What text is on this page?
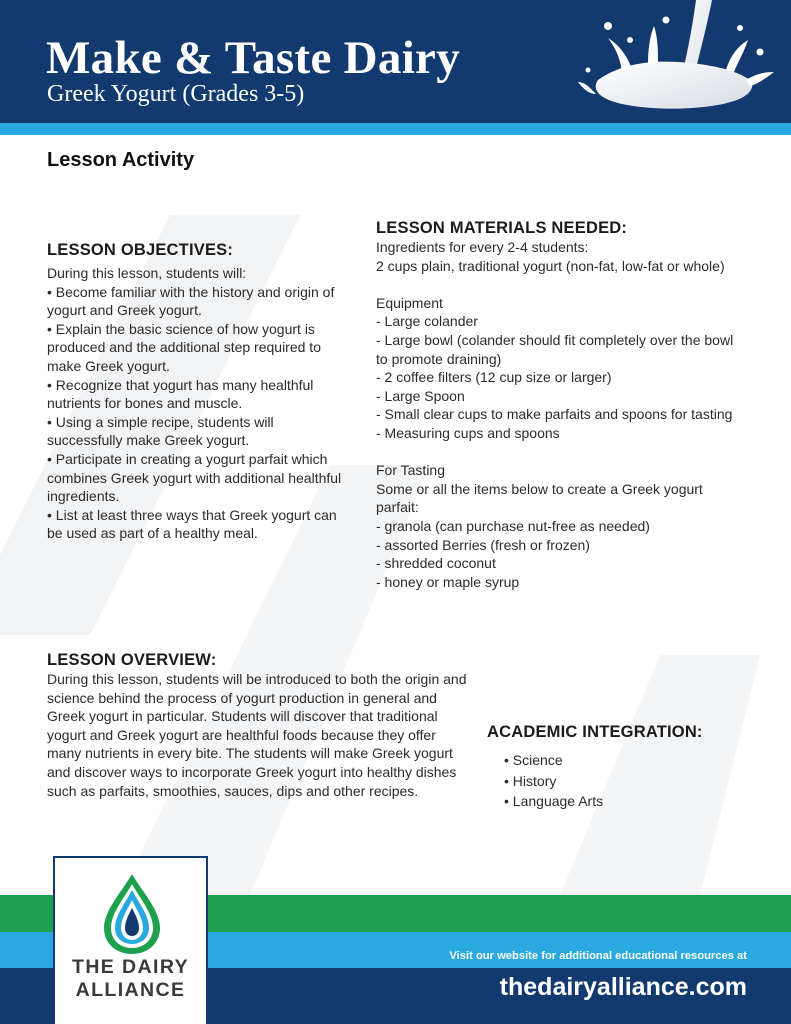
Make & Taste Dairy

Greek Yogurt (Grades 3-5)

Lesson Activity
LESSON OBJECTIVES:

During this lesson, students will:

• Become familiar with the history and origin of yogurt and Greek yogurt.

• Explain the basic science of how yogurt is produced and the additional step required to make Greek yogurt.

• Recognize that yogurt has many healthful nutrients for bones and muscle.

• Using a simple recipe, students will successfully make Greek yogurt.

• Participate in creating a yogurt parfait which combines Greek yogurt with additional healthful ingredients.

• List at least three ways that Greek yogurt can be used as part of a healthy meal.

LESSON MATERIALS NEEDED:

Ingredients for every 2-4 students:

2 cups plain, traditional yogurt (non-fat, low-fat or whole)

Equipment

- Large colander

- Large bowl (colander should fit completely over the bowl to promote draining)

- 2 coffee filters (12 cup size or larger)

- Large Spoon

- Small clear cups to make parfaits and spoons for tasting

- Measuring cups and spoons

For Tasting

Some or all the items below to create a Greek yogurt parfait:

- granola (can purchase nut-free as needed)

- assorted Berries (fresh or frozen)

- shredded coconut

- honey or maple syrup

LESSON OVERVIEW:

During this lesson, students will be introduced to both the origin and science behind the process of yogurt production in general and Greek yogurt in particular. Students will discover that traditional yogurt and Greek yogurt are healthful foods because they offer many nutrients in every bite. The students will make Greek yogurt and discover ways to incorporate Greek yogurt into healthy dishes such as parfaits, smoothies, sauces, dips and other recipes.

ACADEMIC INTEGRATION:
• Science
• History
• Language Arts

Visit our website for additional educational resources at

thedairyalliance.com

THE DAIRY
ALLIANCE
